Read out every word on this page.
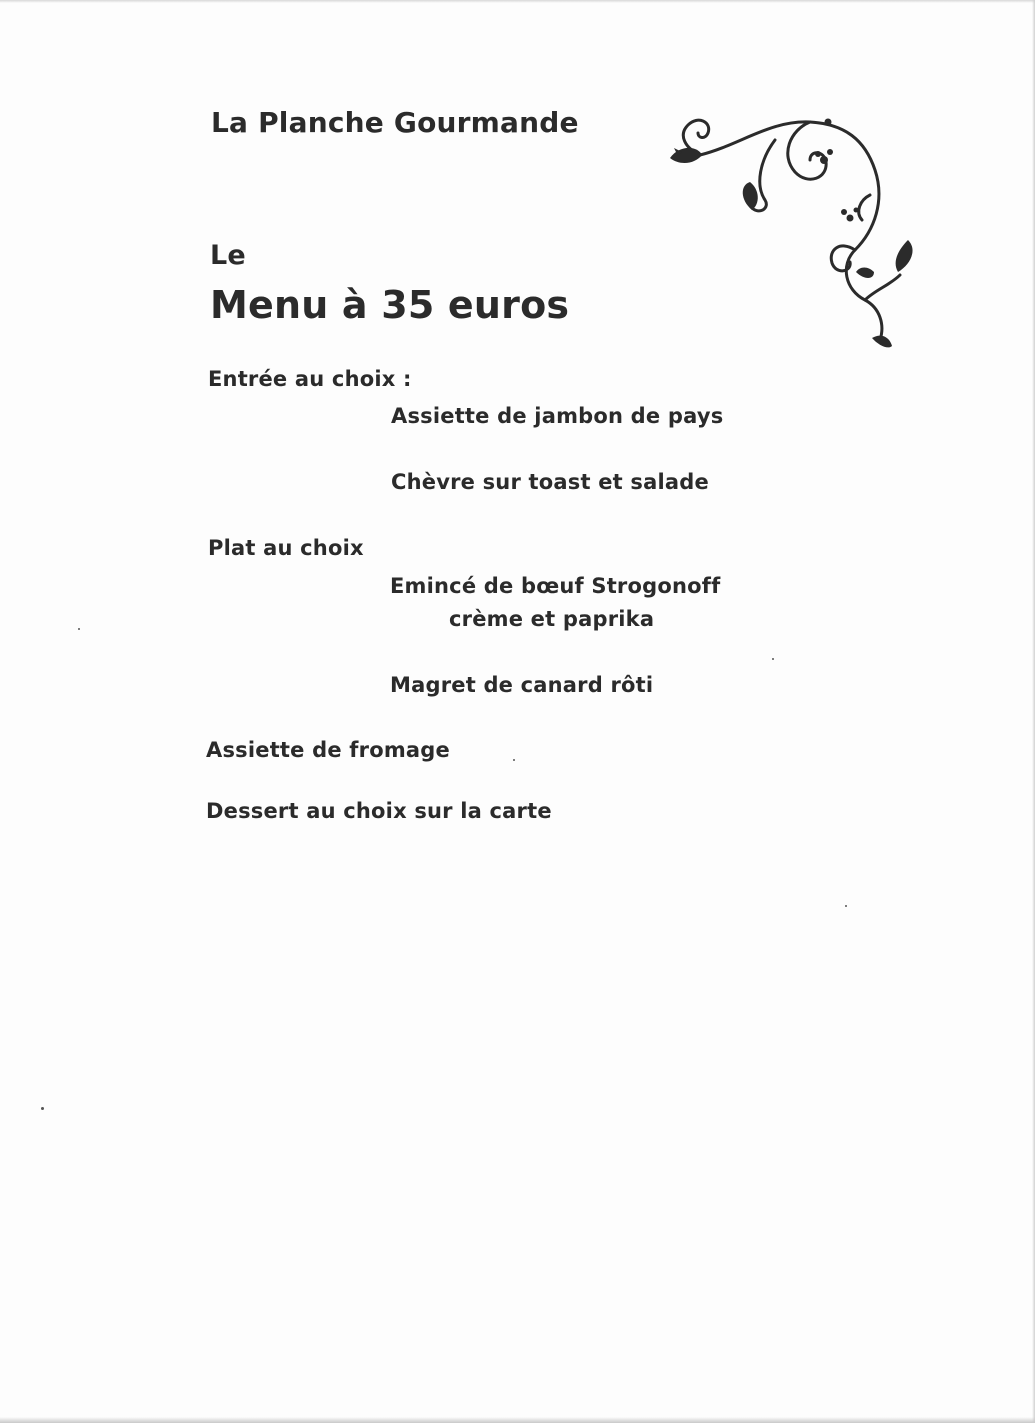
La Planche Gourmande
Le
Menu à 35 euros
Entrée au choix :
Assiette de jambon de pays
Chèvre sur toast et salade
Plat au choix
Emincé de bœuf Strogonoff
crème et paprika
Magret de canard rôti
Assiette de fromage
Dessert au choix sur la carte
